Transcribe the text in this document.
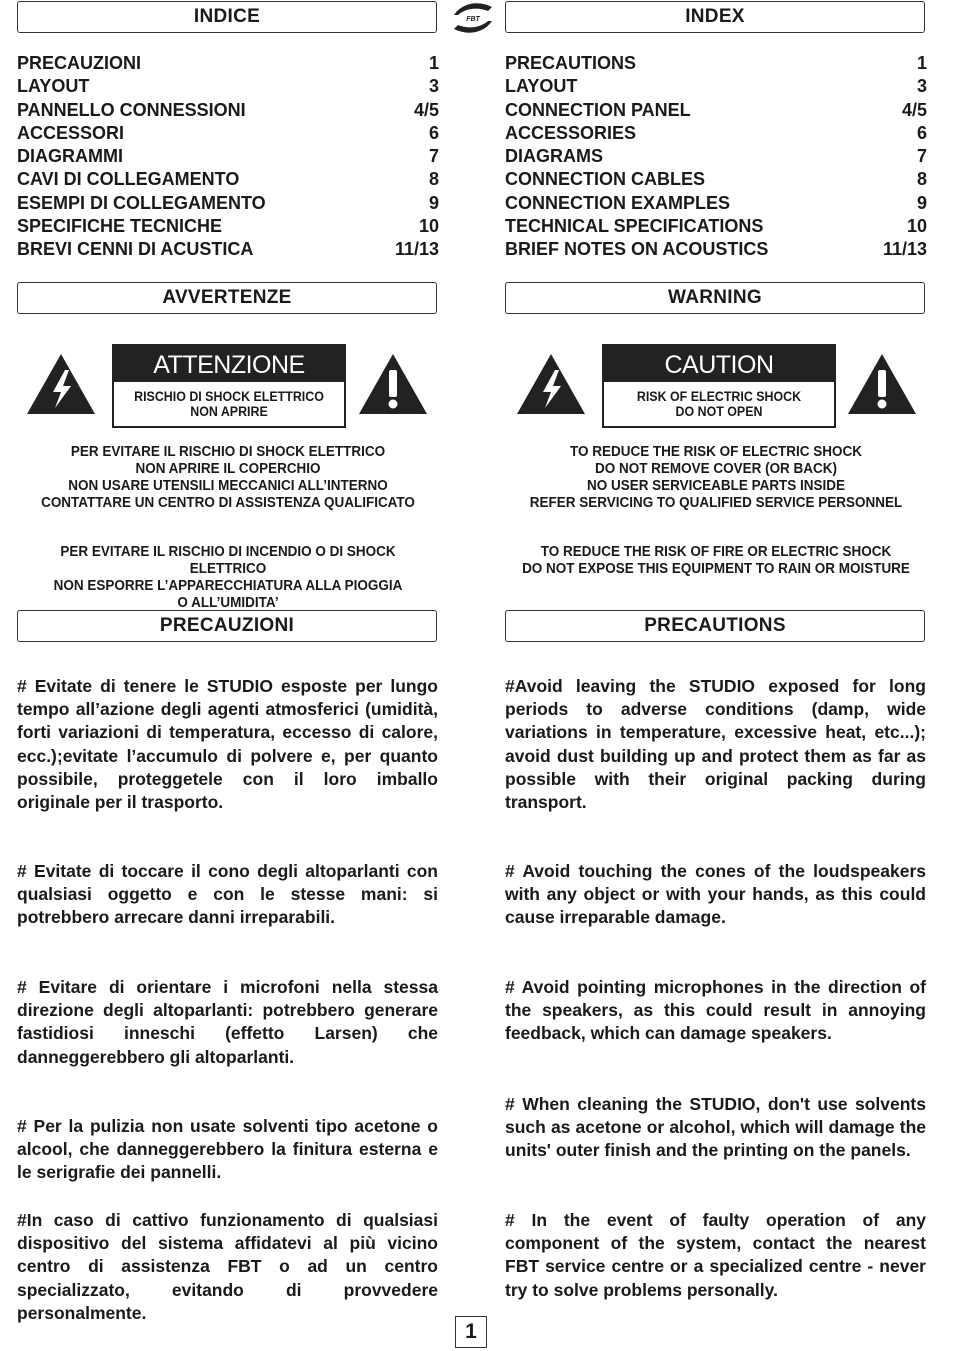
FBT
INDICE
PRECAUZIONI	1
LAYOUT	3
PANNELLO CONNESSIONI	4/5
ACCESSORI	6
DIAGRAMMI	7
CAVI DI COLLEGAMENTO	8
ESEMPI DI COLLEGAMENTO	9
SPECIFICHE TECNICHE	10
BREVI CENNI DI ACUSTICA	11/13
AVVERTENZE
ATTENZIONE
RISCHIO DI SHOCK ELETTRICO
NON APRIRE
PER EVITARE IL RISCHIO DI SHOCK ELETTRICO
NON APRIRE IL COPERCHIO
NON USARE UTENSILI MECCANICI ALL’INTERNO
CONTATTARE UN CENTRO DI ASSISTENZA QUALIFICATO
PER EVITARE IL RISCHIO DI INCENDIO O DI SHOCK ELETTRICO
NON ESPORRE L’APPARECCHIATURA ALLA PIOGGIA
O ALL’UMIDITA’
PRECAUZIONI

# Evitate di tenere le STUDIO esposte per lungo tempo all’azione degli agenti atmosferici (umidità, forti variazioni di temperatura, eccesso di calore, ecc.);evitate l’accumulo di polvere e, per quanto possibile, proteggetele con il loro imballo originale per il trasporto.

# Evitate di toccare il cono degli altoparlanti con qualsiasi oggetto e con le stesse mani: si potrebbero arrecare danni irreparabili.

# Evitare di orientare i microfoni nella stessa direzione degli altoparlanti: potrebbero generare fastidiosi inneschi (effetto Larsen) che danneggerebbero gli altoparlanti.

# Per la pulizia non usate solventi tipo acetone o alcool, che danneggerebbero la finitura esterna e le serigrafie dei pannelli.

#In caso di cattivo funzionamento di qualsiasi dispositivo del sistema affidatevi al più vicino centro di assistenza FBT o ad un centro specializzato, evitando di provvedere personalmente.

INDEX
PRECAUTIONS	1
LAYOUT	3
CONNECTION PANEL	4/5
ACCESSORIES	6
DIAGRAMS	7
CONNECTION CABLES	8
CONNECTION EXAMPLES	9
TECHNICAL SPECIFICATIONS	10
BRIEF NOTES ON ACOUSTICS	11/13
WARNING
CAUTION
RISK OF ELECTRIC SHOCK
DO NOT OPEN
TO REDUCE THE RISK OF ELECTRIC SHOCK
DO NOT REMOVE COVER (OR BACK)
NO USER SERVICEABLE PARTS INSIDE
REFER SERVICING TO QUALIFIED SERVICE PERSONNEL
TO REDUCE THE RISK OF FIRE OR ELECTRIC SHOCK
DO NOT EXPOSE THIS EQUIPMENT TO RAIN OR MOISTURE
PRECAUTIONS

#Avoid leaving the STUDIO exposed for long periods to adverse conditions (damp, wide variations in temperature, excessive heat, etc...); avoid dust building up and protect them as far as possible with their original packing during transport.

# Avoid touching the cones of the loudspeakers with any object or with your hands, as this could cause irreparable damage.

# Avoid pointing microphones in the direction of the speakers, as this could result in annoying feedback, which can damage speakers.

# When cleaning the STUDIO, don't use solvents such as acetone or alcohol, which will damage the units' outer finish and the printing on the panels.

# In the event of faulty operation of any component of the system, contact the nearest FBT service centre or a specialized centre - never try to solve problems personally.

1
